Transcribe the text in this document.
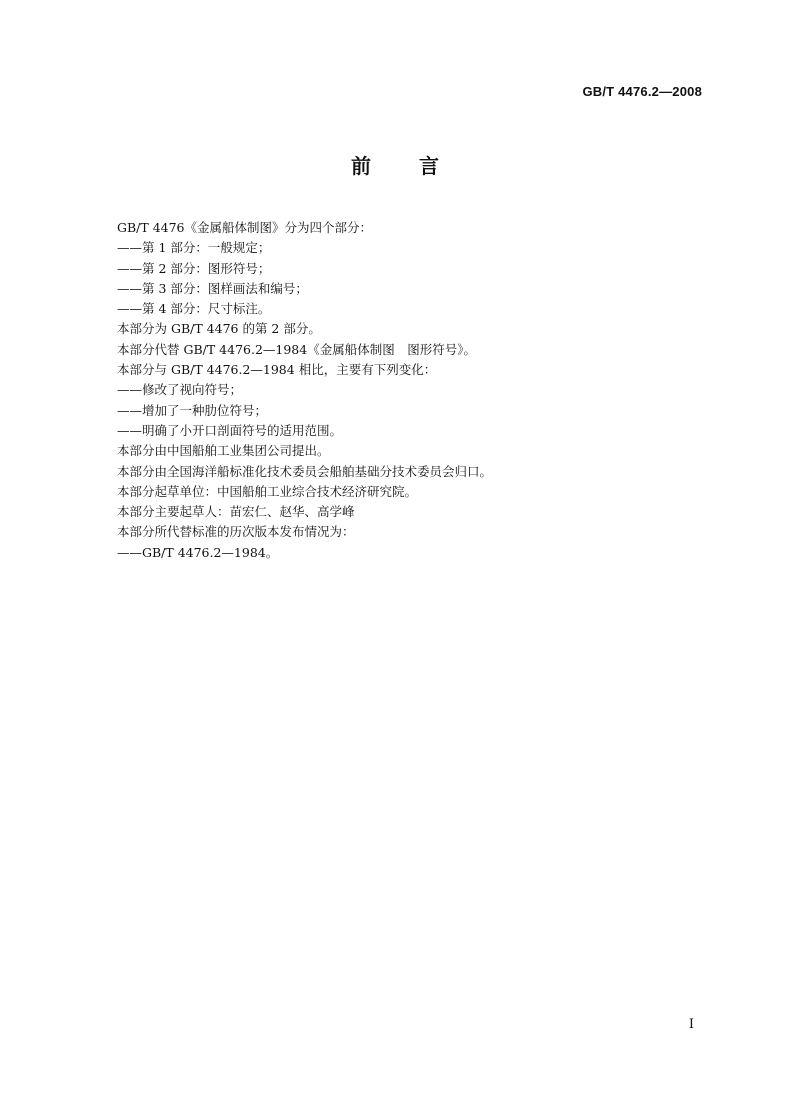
GB/T 4476.2—2008
前 言
GB/T 4476《金属船体制图》分为四个部分：
——第 1 部分：一般规定；
——第 2 部分：图形符号；
——第 3 部分：图样画法和编号；
——第 4 部分：尺寸标注。
本部分为 GB/T 4476 的第 2 部分。
本部分代替 GB/T 4476.2—1984《金属船体制图　图形符号》。
本部分与 GB/T 4476.2—1984 相比，主要有下列变化：
——修改了视向符号；
——增加了一种肋位符号；
——明确了小开口剖面符号的适用范围。
本部分由中国船舶工业集团公司提出。
本部分由全国海洋船标准化技术委员会船舶基础分技术委员会归口。
本部分起草单位：中国船舶工业综合技术经济研究院。
本部分主要起草人：苗宏仁、赵华、高学峰
本部分所代替标准的历次版本发布情况为：
——GB/T 4476.2—1984。
I
